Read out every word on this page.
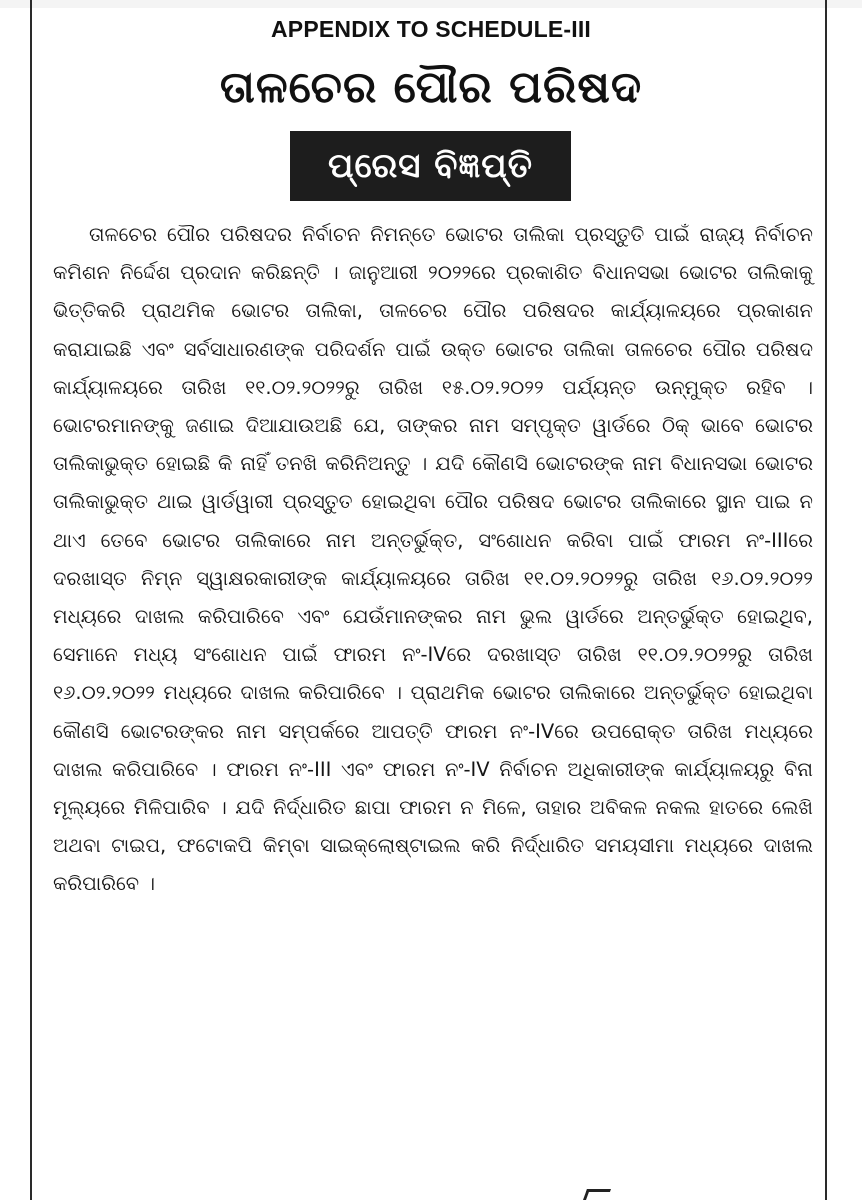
APPENDIX TO SCHEDULE-III
ତାଳଚେର ପୌର ପରିଷଦ
ପ୍ରେସ ବିଜ୍ଞପ୍ତି

ତାଳଚେର ପୌର ପରିଷଦର ନିର୍ବାଚନ ନିମନ୍ତେ ଭୋଟର ତାଲିକା ପ୍ରସ୍ତୁତି ପାଇଁ ରାଜ୍ୟ ନିର୍ବାଚନ କମିଶନ ନିର୍ଦ୍ଦେଶ ପ୍ରଦାନ କରିଛନ୍ତି । ଜାନୁଆରୀ ୨୦୨୨ରେ ପ୍ରକାଶିତ ବିଧାନସଭା ଭୋଟର ତାଲିକାକୁ ଭିତ୍ତିକରି ପ୍ରାଥମିକ ଭୋଟର ତାଲିକା, ତାଳଚେର ପୌର ପରିଷଦର କାର୍ଯ୍ୟାଳୟରେ ପ୍ରକାଶନ କରାଯାଇଛି ଏବଂ ସର୍ବସାଧାରଣଙ୍କ ପରିଦର୍ଶନ ପାଇଁ ଉକ୍ତ ଭୋଟର ତାଲିକା ତାଳଚେର ପୌର ପରିଷଦ କାର୍ଯ୍ୟାଳୟରେ ତାରିଖ ୧୧.୦୨.୨୦୨୨ରୁ ତାରିଖ ୧୫.୦୨.୨୦୨୨ ପର୍ଯ୍ୟନ୍ତ ଉନ୍ମୁକ୍ତ ରହିବ । ଭୋଟରମାନଙ୍କୁ ଜଣାଇ ଦିଆଯାଉଅଛି ଯେ, ତାଙ୍କର ନାମ ସମ୍ପୃକ୍ତ ୱାର୍ଡରେ ଠିକ୍ ଭାବେ ଭୋଟର ତାଲିକାଭୁକ୍ତ ହୋଇଛି କି ନାହିଁ ତନଖି କରିନିଅନ୍ତୁ । ଯଦି କୌଣସି ଭୋଟରଙ୍କ ନାମ ବିଧାନସଭା ଭୋଟର ତାଲିକାଭୁକ୍ତ ଥାଇ ୱାର୍ଡୱାରୀ ପ୍ରସ୍ତୁତ ହୋଇଥିବା ପୌର ପରିଷଦ ଭୋଟର ତାଲିକାରେ ସ୍ଥାନ ପାଇ ନ ଥାଏ ତେବେ ଭୋଟର ତାଲିକାରେ ନାମ ଅନ୍ତର୍ଭୁକ୍ତ, ସଂଶୋଧନ କରିବା ପାଇଁ ଫାରମ ନଂ-IIIରେ ଦରଖାସ୍ତ ନିମ୍ନ ସ୍ୱାକ୍ଷରକାରୀଙ୍କ କାର୍ଯ୍ୟାଳୟରେ ତାରିଖ ୧୧.୦୨.୨୦୨୨ରୁ ତାରିଖ ୧୬.୦୨.୨୦୨୨ ମଧ୍ୟରେ ଦାଖଲ କରିପାରିବେ ଏବଂ ଯେଉଁମାନଙ୍କର ନାମ ଭୁଲ ୱାର୍ଡରେ ଅନ୍ତର୍ଭୁକ୍ତ ହୋଇଥିବ, ସେମାନେ ମଧ୍ୟ ସଂଶୋଧନ ପାଇଁ ଫାରମ ନଂ-IVରେ ଦରଖାସ୍ତ ତାରିଖ ୧୧.୦୨.୨୦୨୨ରୁ ତାରିଖ ୧୬.୦୨.୨୦୨୨ ମଧ୍ୟରେ ଦାଖଲ କରିପାରିବେ । ପ୍ରାଥମିକ ଭୋଟର ତାଲିକାରେ ଅନ୍ତର୍ଭୁକ୍ତ ହୋଇଥିବା କୌଣସି ଭୋଟରଙ୍କର ନାମ ସମ୍ପର୍କରେ ଆପତ୍ତି ଫାରମ ନଂ-IVରେ ଉପରୋକ୍ତ ତାରିଖ ମଧ୍ୟରେ ଦାଖଲ କରିପାରିବେ । ଫାରମ ନଂ-III ଏବଂ ଫାରମ ନଂ-IV ନିର୍ବାଚନ ଅଧିକାରୀଙ୍କ କାର୍ଯ୍ୟାଳୟରୁ ବିନା ମୂଲ୍ୟରେ ମିଳିପାରିବ । ଯଦି ନିର୍ଦ୍ଧାରିତ ଛାପା ଫାରମ ନ ମିଳେ, ତାହାର ଅବିକଳ ନକଲ ହାତରେ ଲେଖି ଅଥବା ଟାଇପ, ଫଟୋକପି କିମ୍ବା ସାଇକ୍ଲୋଷ୍ଟାଇଲ କରି ନିର୍ଦ୍ଧାରିତ ସମୟସୀମା ମଧ୍ୟରେ ଦାଖଲ କରିପାରିବେ ।
